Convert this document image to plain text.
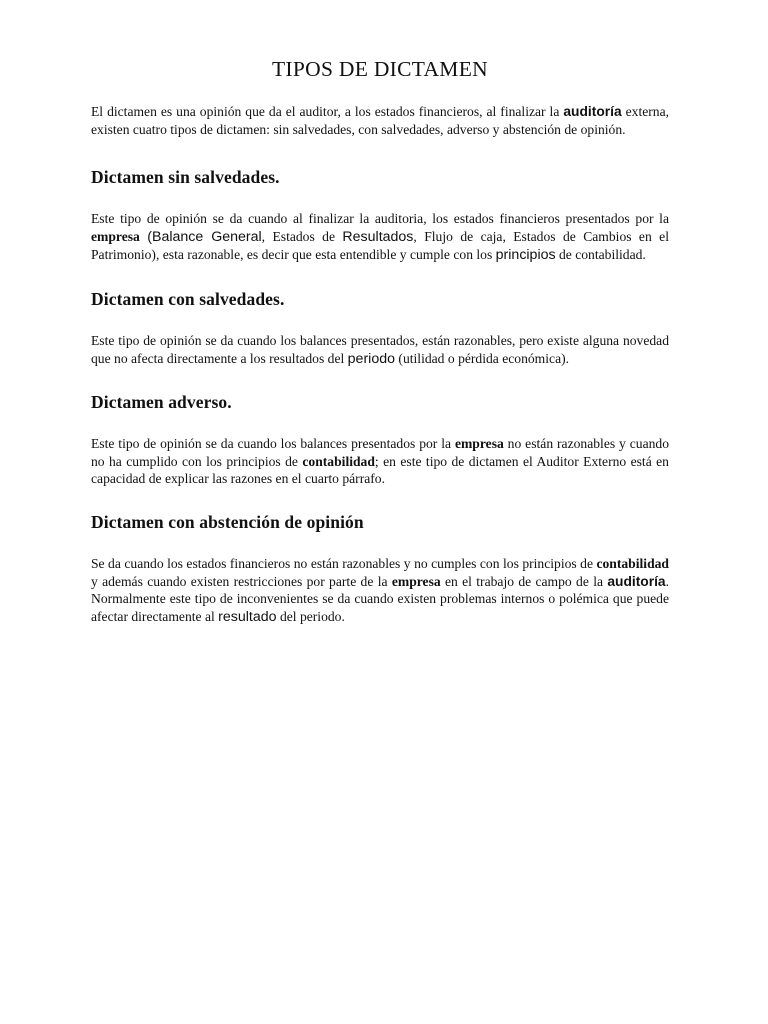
TIPOS DE DICTAMEN

El dictamen es una opinión que da el auditor, a los estados financieros, al finalizar la auditoría externa, existen cuatro tipos de dictamen: sin salvedades, con salvedades, adverso y abstención de opinión.

Dictamen sin salvedades.

Este tipo de opinión se da cuando al finalizar la auditoria, los estados financieros presentados por la empresa (Balance General, Estados de Resultados, Flujo de caja, Estados de Cambios en el Patrimonio), esta razonable, es decir que esta entendible y cumple con los principios de contabilidad.

Dictamen con salvedades.

Este tipo de opinión se da cuando los balances presentados, están razonables, pero existe alguna novedad que no afecta directamente a los resultados del periodo (utilidad o pérdida económica).

Dictamen adverso.

Este tipo de opinión se da cuando los balances presentados por la empresa no están razonables y cuando no ha cumplido con los principios de contabilidad; en este tipo de dictamen el Auditor Externo está en capacidad de explicar las razones en el cuarto párrafo.

Dictamen con abstención de opinión

Se da cuando los estados financieros no están razonables y no cumples con los principios de contabilidad y además cuando existen restricciones por parte de la empresa en el trabajo de campo de la auditoría. Normalmente este tipo de inconvenientes se da cuando existen problemas internos o polémica que puede afectar directamente al resultado del periodo.
